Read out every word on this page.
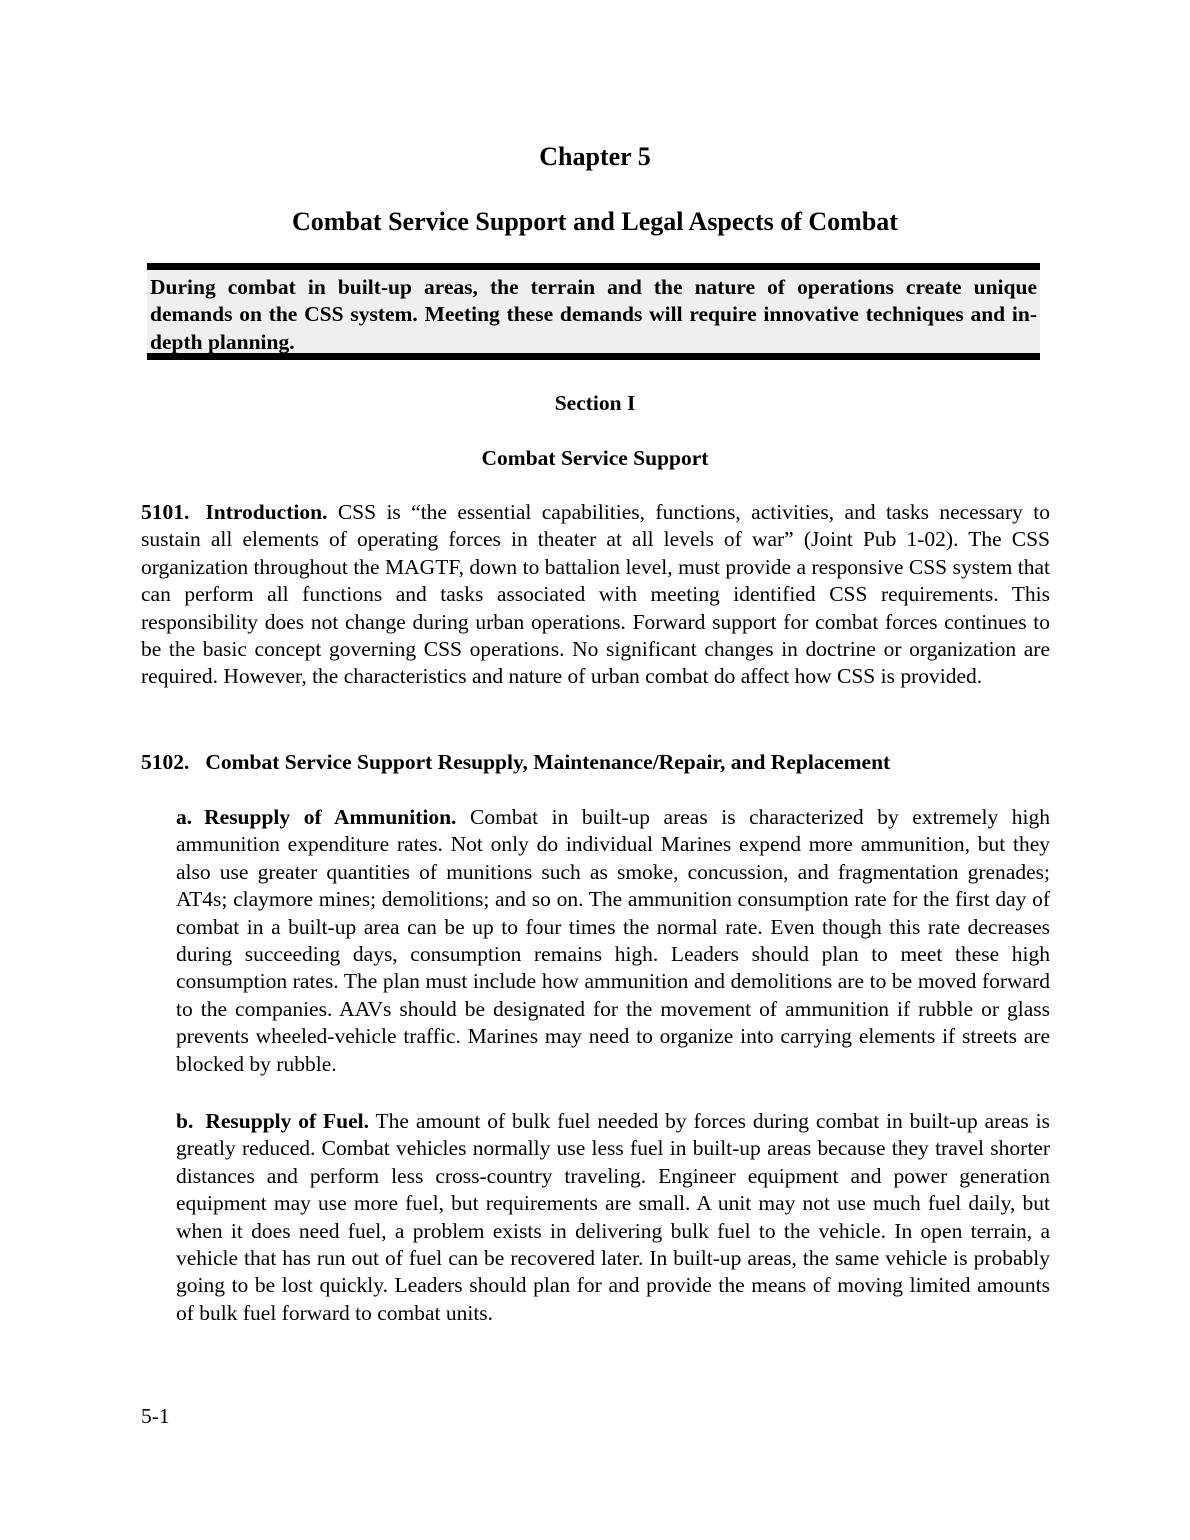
Chapter 5
Combat Service Support and Legal Aspects of Combat

During combat in built-up areas, the terrain and the nature of operations create unique demands on the CSS system. Meeting these demands will require innovative techniques and in-depth planning.

Section I
Combat Service Support

5101. Introduction. CSS is “the essential capabilities, functions, activities, and tasks necessary to sustain all elements of operating forces in theater at all levels of war” (Joint Pub 1-02). The CSS organization throughout the MAGTF, down to battalion level, must provide a responsive CSS system that can perform all functions and tasks associated with meeting identified CSS requirements. This responsibility does not change during urban operations. Forward support for combat forces continues to be the basic concept governing CSS operations. No significant changes in doctrine or organization are required. However, the characteristics and nature of urban combat do affect how CSS is provided.

5102. Combat Service Support Resupply, Maintenance/Repair, and Replacement

a. Resupply of Ammunition. Combat in built-up areas is characterized by extremely high ammunition expenditure rates. Not only do individual Marines expend more ammunition, but they also use greater quantities of munitions such as smoke, concussion, and fragmentation grenades; AT4s; claymore mines; demolitions; and so on. The ammunition consumption rate for the first day of combat in a built-up area can be up to four times the normal rate. Even though this rate decreases during succeeding days, consumption remains high. Leaders should plan to meet these high consumption rates. The plan must include how ammunition and demolitions are to be moved forward to the companies. AAVs should be designated for the movement of ammunition if rubble or glass prevents wheeled-vehicle traffic. Marines may need to organize into carrying elements if streets are blocked by rubble.

b. Resupply of Fuel. The amount of bulk fuel needed by forces during combat in built-up areas is greatly reduced. Combat vehicles normally use less fuel in built-up areas because they travel shorter distances and perform less cross-country traveling. Engineer equipment and power generation equipment may use more fuel, but requirements are small. A unit may not use much fuel daily, but when it does need fuel, a problem exists in delivering bulk fuel to the vehicle. In open terrain, a vehicle that has run out of fuel can be recovered later. In built-up areas, the same vehicle is probably going to be lost quickly. Leaders should plan for and provide the means of moving limited amounts of bulk fuel forward to combat units.

5-1
